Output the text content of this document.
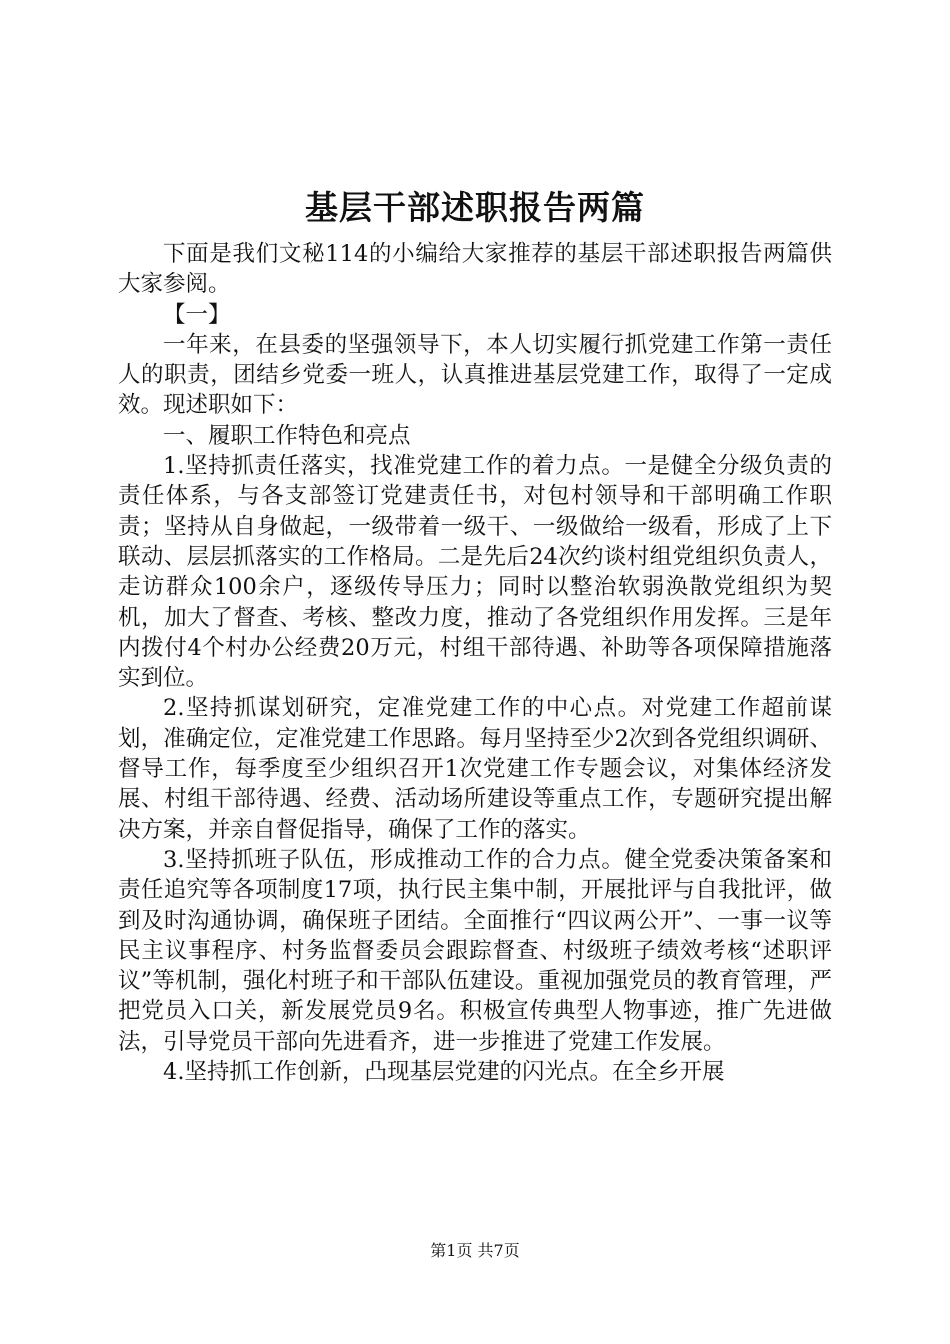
基层干部述职报告两篇

下面是我们文秘114的小编给大家推荐的基层干部述职报告两篇供大家参阅。

【一】

一年来，在县委的坚强领导下，本人切实履行抓党建工作第一责任人的职责，团结乡党委一班人，认真推进基层党建工作，取得了一定成效。现述职如下：

一、履职工作特色和亮点

1.坚持抓责任落实，找准党建工作的着力点。一是健全分级负责的责任体系，与各支部签订党建责任书，对包村领导和干部明确工作职责；坚持从自身做起，一级带着一级干、一级做给一级看，形成了上下联动、层层抓落实的工作格局。二是先后24次约谈村组党组织负责人，走访群众100余户，逐级传导压力；同时以整治软弱涣散党组织为契机，加大了督查、考核、整改力度，推动了各党组织作用发挥。三是年内拨付4个村办公经费20万元，村组干部待遇、补助等各项保障措施落实到位。

2.坚持抓谋划研究，定准党建工作的中心点。对党建工作超前谋划，准确定位，定准党建工作思路。每月坚持至少2次到各党组织调研、督导工作，每季度至少组织召开1次党建工作专题会议，对集体经济发展、村组干部待遇、经费、活动场所建设等重点工作，专题研究提出解决方案，并亲自督促指导，确保了工作的落实。

3.坚持抓班子队伍，形成推动工作的合力点。健全党委决策备案和责任追究等各项制度17项，执行民主集中制，开展批评与自我批评，做到及时沟通协调，确保班子团结。全面推行“四议两公开”、一事一议等民主议事程序、村务监督委员会跟踪督查、村级班子绩效考核“述职评议”等机制，强化村班子和干部队伍建设。重视加强党员的教育管理，严把党员入口关，新发展党员9名。积极宣传典型人物事迹，推广先进做法，引导党员干部向先进看齐，进一步推进了党建工作发展。

4.坚持抓工作创新，凸现基层党建的闪光点。在全乡开展

第1页 共7页
